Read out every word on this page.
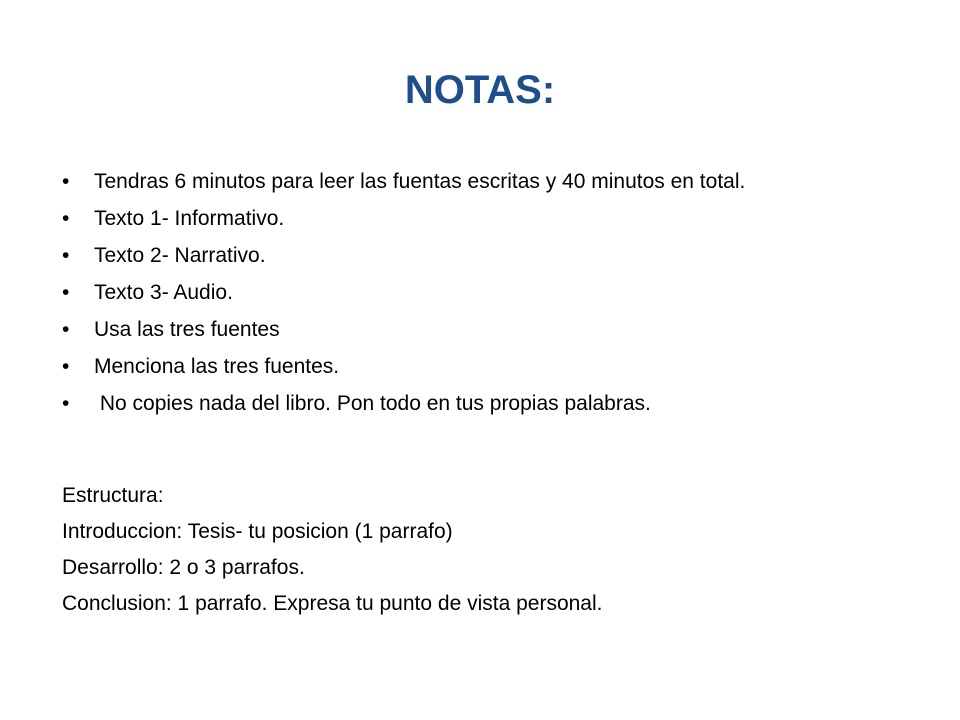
NOTAS:
• Tendras 6 minutos para leer las fuentas escritas y 40 minutos en total.
• Texto 1- Informativo.
• Texto 2- Narrativo.
• Texto 3- Audio.
• Usa las tres fuentes
• Menciona las tres fuentes.
• No copies nada del libro. Pon todo en tus propias palabras.
Estructura:
Introduccion: Tesis- tu posicion (1 parrafo)
Desarrollo: 2 o 3 parrafos.
Conclusion: 1 parrafo. Expresa tu punto de vista personal.
